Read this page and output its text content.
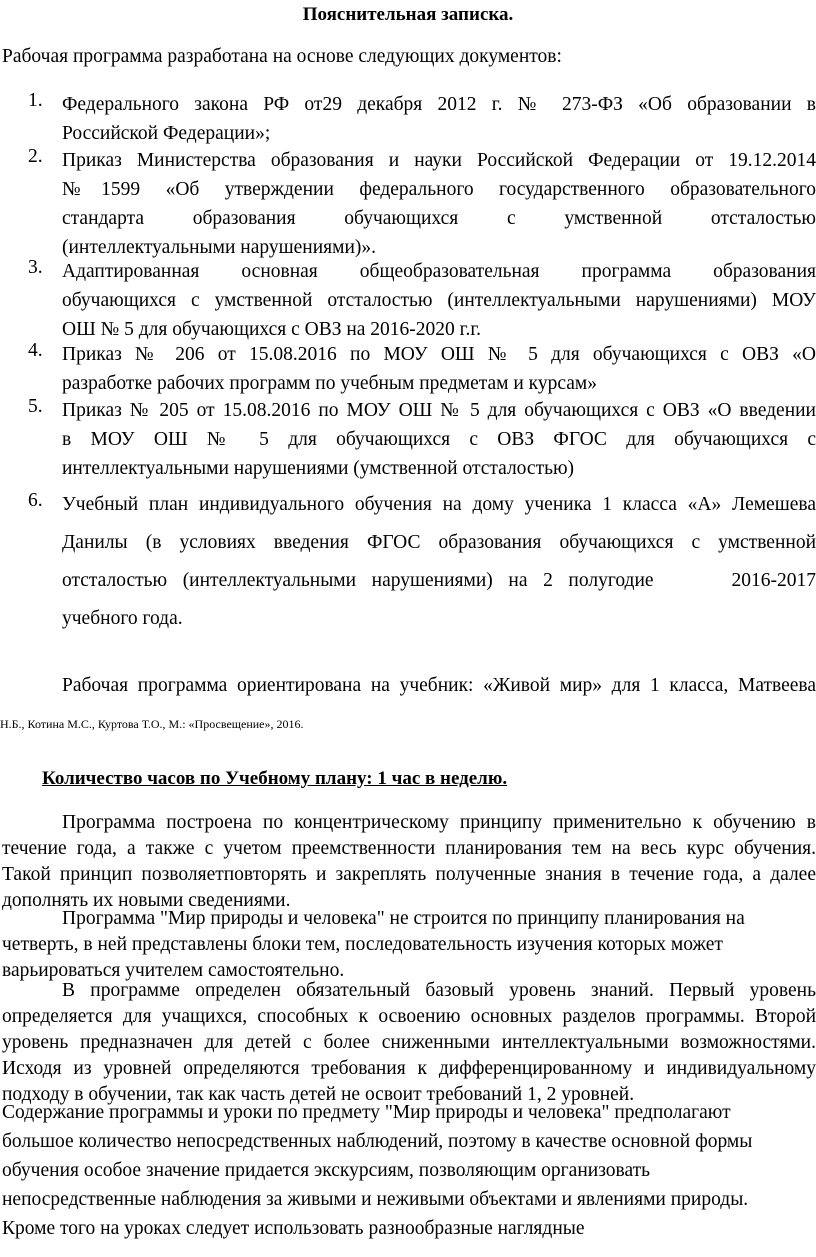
Пояснительная записка.

Рабочая программа разработана на основе следующих документов:

1. Федерального закона РФ от29 декабря 2012 г. № 273-ФЗ «Об образовании в
Российской Федерации»;
2. Приказ Министерства образования и науки Российской Федерации от 19.12.2014
№1599 «Об утверждении федерального государственного образовательного
стандарта образования обучающихся с умственной отсталостью
(интеллектуальными нарушениями)».
3. Адаптированная основная общеобразовательная программа образования
обучающихся с умственной отсталостью (интеллектуальными нарушениями) МОУ
ОШ № 5 для обучающихся с ОВЗ на 2016-2020 г.г.
4. Приказ № 206 от 15.08.2016 по МОУ ОШ № 5 для обучающихся с ОВЗ «О
разработке рабочих программ по учебным предметам и курсам»
5. Приказ № 205 от 15.08.2016 по МОУ ОШ № 5 для обучающихся с ОВЗ «О введении
в МОУ ОШ № 5 для обучающихся с ОВЗ ФГОС для обучающихся с
интеллектуальными нарушениями (умственной отсталостью)
6. Учебный план индивидуального обучения на дому ученика 1 класса «А» Лемешева
Данилы (в условиях введения ФГОС образования обучающихся с умственной
отсталостью (интеллектуальными нарушениями) на 2 полугодие     2016-2017
учебного года.

Рабочая программа ориентирована на учебник: «Живой мир» для 1 класса, Матвеева
Н.Б., Котина М.С., Куртова Т.О., М.: «Просвещение», 2016.

Количество часов по Учебному плану: 1 час в неделю.

Программа построена по концентрическому принципу применительно к обучению в
течение года, а также с учетом преемственности планирования тем на весь курс обучения.
Такой принцип позволяетповторять и закреплять полученные знания в течение года, а далее
дополнять их новыми сведениями.
Программа "Мир природы и человека" не строится по принципу планирования на
четверть, в ней представлены блоки тем, последовательность изучения которых может
варьироваться учителем самостоятельно.
В программе определен обязательный базовый уровень знаний. Первый уровень
определяется для учащихся, способных к освоению основных разделов программы. Второй
уровень предназначен для детей с более сниженными интеллектуальными возможностями.
Исходя из уровней определяются требования к дифференцированному и индивидуальному
подходу в обучении, так как часть детей не освоит требований 1, 2 уровней.
Содержание программы и уроки по предмету "Мир природы и человека" предполагают
большое количество непосредственных наблюдений, поэтому в качестве основной формы
обучения особое значение придается экскурсиям, позволяющим организовать
непосредственные наблюдения за живыми и неживыми объектами и явлениями природы.
Кроме того на уроках следует использовать разнообразные наглядные
